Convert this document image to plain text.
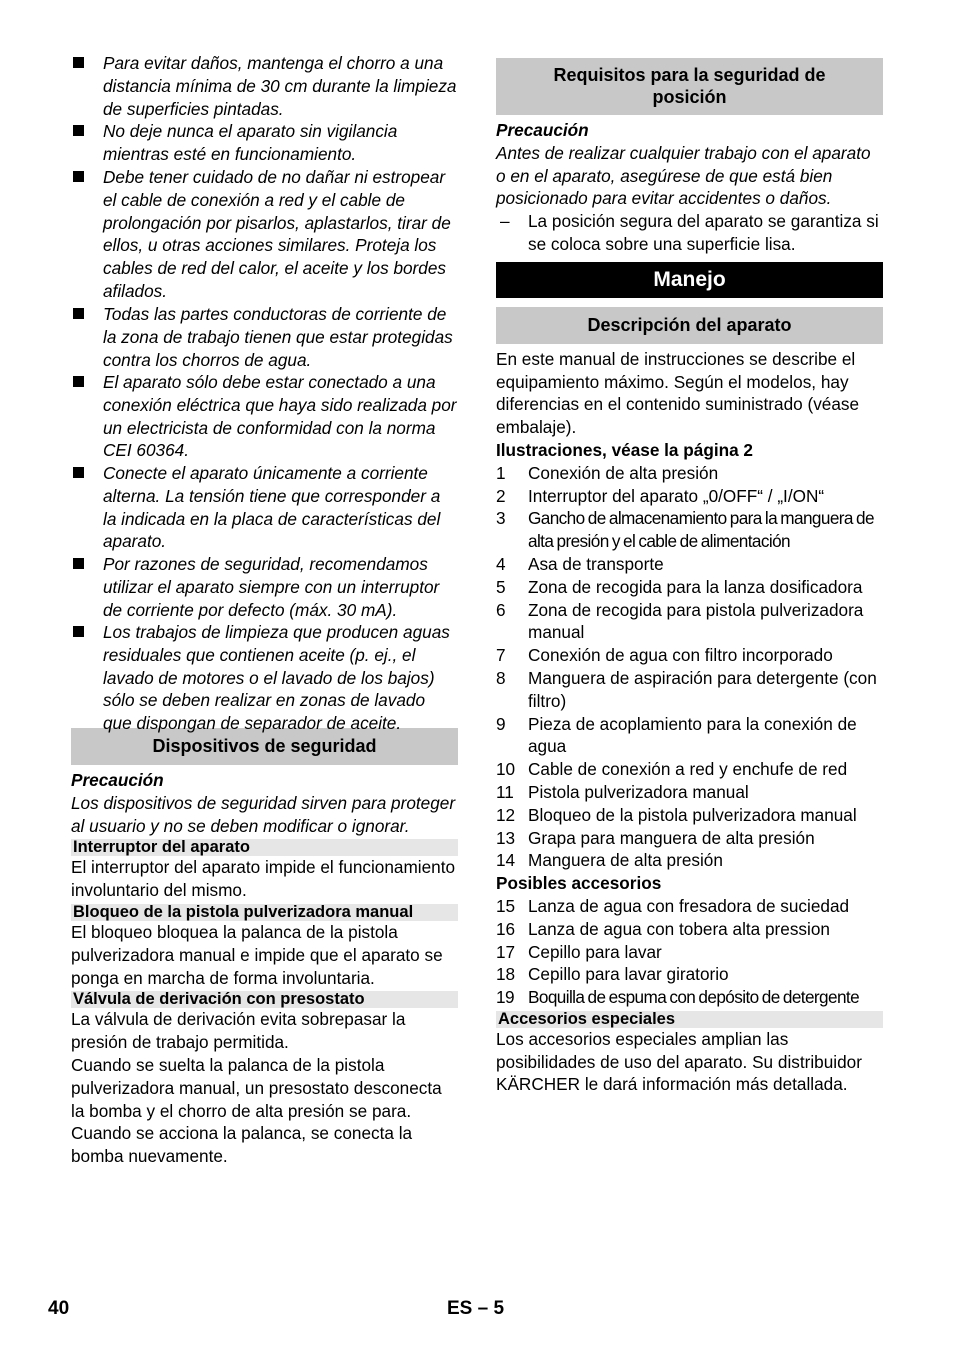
Para evitar daños, mantenga el chorro a una distancia mínima de 30 cm durante la limpieza de superficies pintadas.
No deje nunca el aparato sin vigilancia mientras esté en funcionamiento.
Debe tener cuidado de no dañar ni estropear el cable de conexión a red y el cable de prolongación por pisarlos, aplastarlos, tirar de ellos, u otras acciones similares. Proteja los cables de red del calor, el aceite y los bordes afilados.
Todas las partes conductoras de corriente de la zona de trabajo tienen que estar protegidas contra los chorros de agua.
El aparato sólo debe estar conectado a una conexión eléctrica que haya sido realizada por un electricista de conformidad con la norma CEI 60364.
Conecte el aparato únicamente a corriente alterna. La tensión tiene que corresponder a la indicada en la placa de características del aparato.
Por razones de seguridad, recomendamos utilizar el aparato siempre con un interruptor de corriente por defecto (máx. 30 mA).
Los trabajos de limpieza que producen aguas residuales que contienen aceite (p. ej., el lavado de motores o el lavado de los bajos) sólo se deben realizar en zonas de lavado que dispongan de separador de aceite.
Dispositivos de seguridad

Precaución

Los dispositivos de seguridad sirven para proteger al usuario y no se deben modificar o ignorar.

Interruptor del aparato

El interruptor del aparato impide el funcionamiento involuntario del mismo.

Bloqueo de la pistola pulverizadora manual

El bloqueo bloquea la palanca de la pistola pulverizadora manual e impide que el aparato se ponga en marcha de forma involuntaria.

Válvula de derivación con presostato

La válvula de derivación evita sobrepasar la presión de trabajo permitida.

Cuando se suelta la palanca de la pistola pulverizadora manual, un presostato desconecta la bomba y el chorro de alta presión se para. Cuando se acciona la palanca, se conecta la bomba nuevamente.

Requisitos para la seguridad de posición

Precaución

Antes de realizar cualquier trabajo con el aparato o en el aparato, asegúrese de que está bien posicionado para evitar accidentes o daños.

– La posición segura del aparato se garantiza si se coloca sobre una superficie lisa.
Manejo
Descripción del aparato

En este manual de instrucciones se describe el equipamiento máximo. Según el modelos, hay diferencias en el contenido suministrado (véase embalaje).

Ilustraciones, véase la página 2

1 Conexión de alta presión
2 Interruptor del aparato „0/OFF“ / „I/ON“
3 Gancho de almacenamiento para la manguera de alta presión y el cable de alimentación
4 Asa de transporte
5 Zona de recogida para la lanza dosificadora
6 Zona de recogida para pistola pulverizadora manual
7 Conexión de agua con filtro incorporado
8 Manguera de aspiración para detergente (con filtro)
9 Pieza de acoplamiento para la conexión de agua
10 Cable de conexión a red y enchufe de red
11 Pistola pulverizadora manual
12 Bloqueo de la pistola pulverizadora manual
13 Grapa para manguera de alta presión
14 Manguera de alta presión

Posibles accesorios

15 Lanza de agua con fresadora de suciedad
16 Lanza de agua con tobera alta pression
17 Cepillo para lavar
18 Cepillo para lavar giratorio
19 Boquilla de espuma con depósito de detergente
Accesorios especiales

Los accesorios especiales amplian las posibilidades de uso del aparato. Su distribuidor KÄRCHER le dará información más detallada.

40	ES – 5
